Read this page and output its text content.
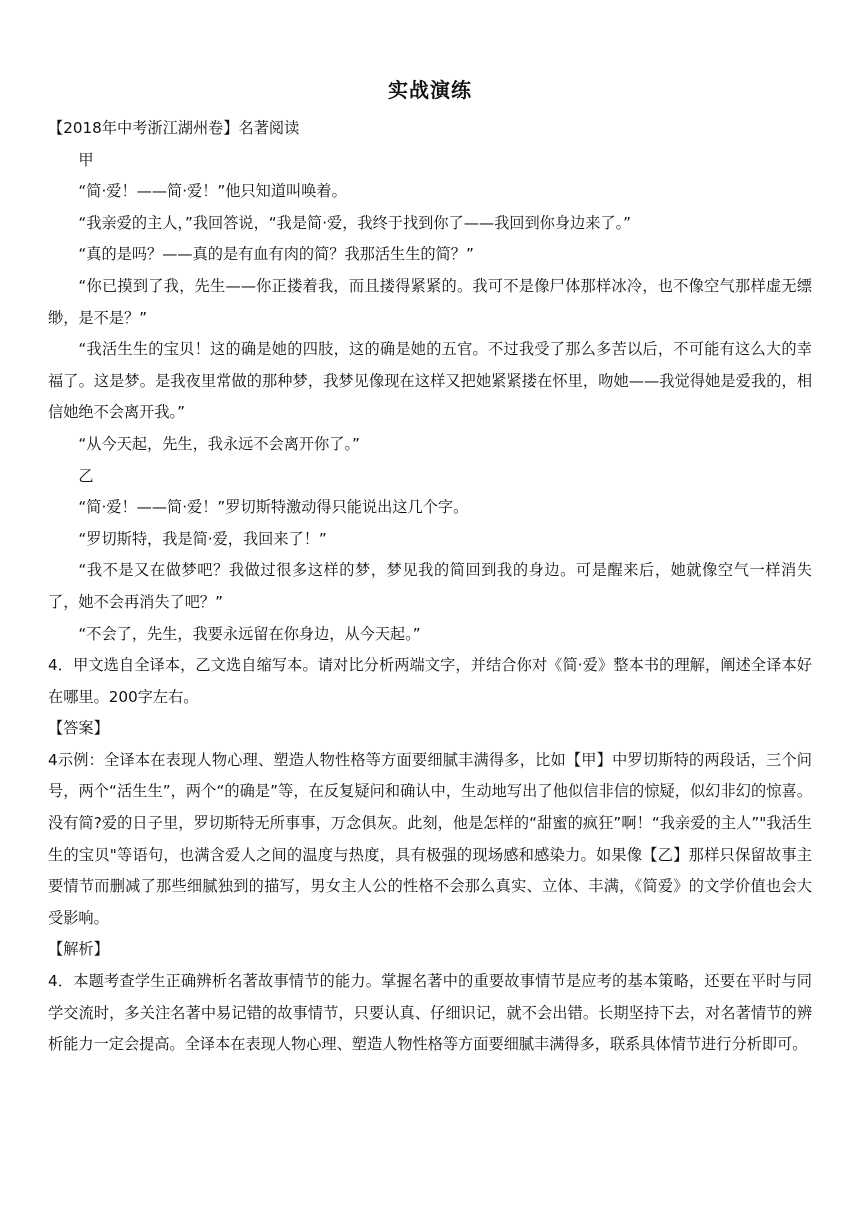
实战演练

【2018年中考浙江湖州卷】名著阅读

甲

“简·爱！——简·爱！”他只知道叫唤着。

“我亲爱的主人，”我回答说，“我是简·爱，我终于找到你了——我回到你身边来了。”

“真的是吗？——真的是有血有肉的简？我那活生生的简？”

“你已摸到了我，先生——你正搂着我，而且搂得紧紧的。我可不是像尸体那样冰冷，也不像空气那样虚无缥缈，是不是？”

“我活生生的宝贝！这的确是她的四肢，这的确是她的五官。不过我受了那么多苦以后，不可能有这么大的幸福了。这是梦。是我夜里常做的那种梦，我梦见像现在这样又把她紧紧搂在怀里，吻她——我觉得她是爱我的，相信她绝不会离开我。”

“从今天起，先生，我永远不会离开你了。”

乙

“简·爱！——简·爱！”罗切斯特激动得只能说出这几个字。

“罗切斯特，我是简·爱，我回来了！”

“我不是又在做梦吧？我做过很多这样的梦，梦见我的简回到我的身边。可是醒来后，她就像空气一样消失了，她不会再消失了吧？”

“不会了，先生，我要永远留在你身边，从今天起。”

4．甲文选自全译本，乙文选自缩写本。请对比分析两端文字，并结合你对《简·爱》整本书的理解，阐述全译本好在哪里。200字左右。

【答案】

4示例：全译本在表现人物心理、塑造人物性格等方面要细腻丰满得多，比如【甲】中罗切斯特的两段话，三个问号，两个“活生生”，两个“的确是”等，在反复疑问和确认中，生动地写出了他似信非信的惊疑，似幻非幻的惊喜。没有简?爱的日子里，罗切斯特无所事事，万念俱灰。此刻，他是怎样的“甜蜜的疯狂”啊！“我亲爱的主人”"我活生生的宝贝"等语句，也满含爱人之间的温度与热度，具有极强的现场感和感染力。如果像【乙】那样只保留故事主要情节而删减了那些细腻独到的描写，男女主人公的性格不会那么真实、立体、丰满，《简爱》的文学价值也会大受影响。

【解析】

4．本题考查学生正确辨析名著故事情节的能力。掌握名著中的重要故事情节是应考的基本策略，还要在平时与同学交流时，多关注名著中易记错的故事情节，只要认真、仔细识记，就不会出错。长期坚持下去，对名著情节的辨析能力一定会提高。全译本在表现人物心理、塑造人物性格等方面要细腻丰满得多，联系具体情节进行分析即可。
